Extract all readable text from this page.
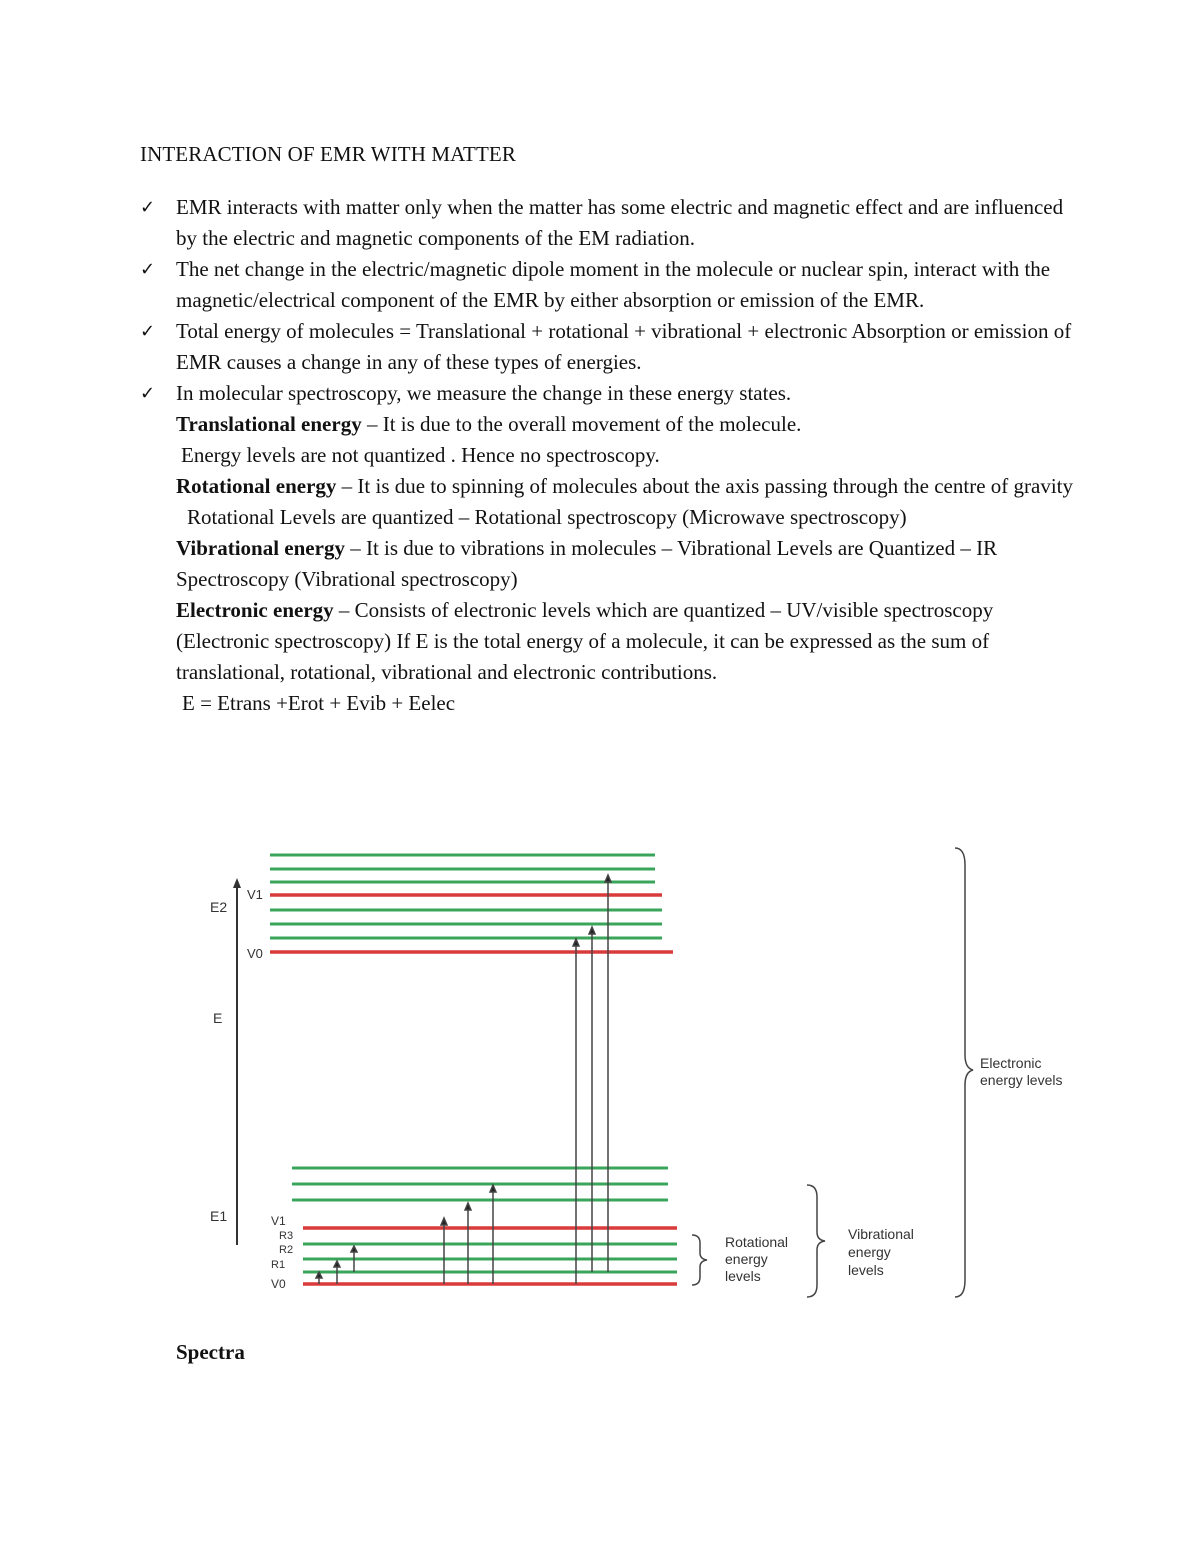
INTERACTION OF EMR WITH MATTER
✓ EMR interacts with matter only when the matter has some electric and magnetic effect and are influenced by the electric and magnetic components of the EM radiation.
✓ The net change in the electric/magnetic dipole moment in the molecule or nuclear spin, interact with the magnetic/electrical component of the EMR by either absorption or emission of the EMR.
✓ Total energy of molecules = Translational + rotational + vibrational + electronic Absorption or emission of EMR causes a change in any of these types of energies.
✓ In molecular spectroscopy, we measure the change in these energy states.
Translational energy – It is due to the overall movement of the molecule.
Energy levels are not quantized . Hence no spectroscopy.
Rotational energy – It is due to spinning of molecules about the axis passing through the centre of gravity
Rotational Levels are quantized – Rotational spectroscopy (Microwave spectroscopy)
Vibrational energy – It is due to vibrations in molecules – Vibrational Levels are Quantized – IR Spectroscopy (Vibrational spectroscopy)
Electronic energy – Consists of electronic levels which are quantized – UV/visible spectroscopy (Electronic spectroscopy) If E is the total energy of a molecule, it can be expressed as the sum of translational, rotational, vibrational and electronic contributions.
E = Etrans +Erot + Evib + Eelec
E2
E
E1
V1
V0
V1
R3
R2
R1
V0
Rotational
energy
levels
Vibrational
energy
levels
Electronic
energy levels
Spectra
